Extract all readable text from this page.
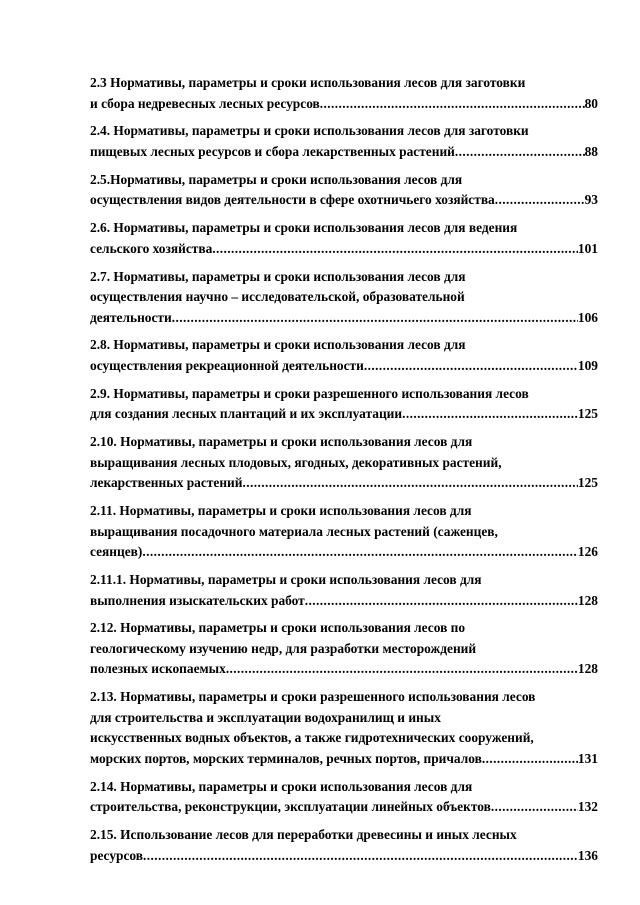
2.3 Нормативы, параметры и сроки использования лесов для заготовки
и сбора недревесных лесных ресурсов .....	80
2.4. Нормативы, параметры и сроки использования лесов для заготовки
пищевых лесных ресурсов и сбора лекарственных растений .....	88
2.5.Нормативы, параметры и сроки использования лесов для
осуществления видов деятельности в сфере охотничьего хозяйства .....	93
2.6. Нормативы, параметры и сроки использования лесов для ведения
сельского хозяйства .....	101
2.7. Нормативы, параметры и сроки использования лесов для
осуществления научно – исследовательской, образовательной
деятельности .....	106
2.8. Нормативы, параметры и сроки использования лесов для
осуществления рекреационной деятельности .....	109
2.9. Нормативы, параметры и сроки разрешенного использования лесов
для создания лесных плантаций и их эксплуатации .....	125
2.10. Нормативы, параметры и сроки использования лесов для
выращивания лесных плодовых, ягодных, декоративных растений,
лекарственных растений .....	125
2.11. Нормативы, параметры и сроки использования лесов для
выращивания посадочного материала лесных растений (саженцев,
сеянцев) .....	126
2.11.1. Нормативы, параметры и сроки использования лесов для
выполнения изыскательских работ .....	128
2.12. Нормативы, параметры и сроки использования лесов по
геологическому изучению недр, для разработки месторождений
полезных ископаемых .....	128
2.13. Нормативы, параметры и сроки разрешенного использования лесов
для строительства и эксплуатации водохранилищ и иных
искусственных водных объектов, а также гидротехнических сооружений,
морских портов, морских терминалов, речных портов, причалов .....	131
2.14. Нормативы, параметры и сроки использования лесов для
строительства, реконструкции, эксплуатации линейных объектов .....	132
2.15. Использование лесов для переработки древесины и иных лесных
ресурсов .....	136
